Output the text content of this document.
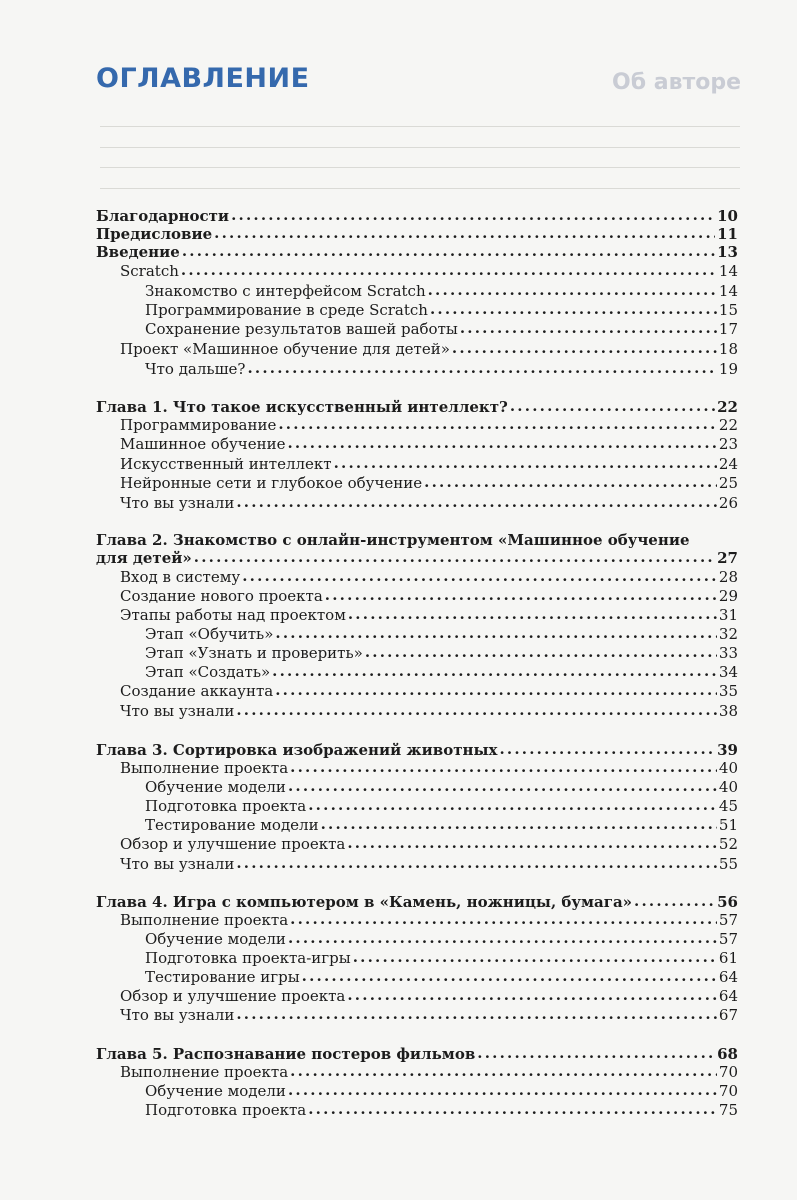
Об авторе
ОГЛАВЛЕНИЕ
Благодарности . . .	10
Предисловие . . .	11
Введение . . .	13
Scratch . . .	14
Знакомство с интерфейсом Scratch . . .	14
Программирование в среде Scratch . . .	15
Сохранение результатов вашей работы . . .	17
Проект «Машинное обучение для детей» . . .	18
Что дальше? . . .	19
Глава 1. Что такое искусственный интеллект? . . .	22
Программирование . . .	22
Машинное обучение . . .	23
Искусственный интеллект . . .	24
Нейронные сети и глубокое обучение . . .	25
Что вы узнали . . .	26
Глава 2. Знакомство с онлайн-инструментом «Машинное обучение
для детей» . . .	27
Вход в систему . . .	28
Создание нового проекта . . .	29
Этапы работы над проектом . . .	31
Этап «Обучить» . . .	32
Этап «Узнать и проверить» . . .	33
Этап «Создать» . . .	34
Создание аккаунта . . .	35
Что вы узнали . . .	38
Глава 3. Сортировка изображений животных . . .	39
Выполнение проекта . . .	40
Обучение модели . . .	40
Подготовка проекта . . .	45
Тестирование модели . . .	51
Обзор и улучшение проекта . . .	52
Что вы узнали . . .	55
Глава 4. Игра с компьютером в «Камень, ножницы, бумага» . . .	56
Выполнение проекта . . .	57
Обучение модели . . .	57
Подготовка проекта-игры . . .	61
Тестирование игры . . .	64
Обзор и улучшение проекта . . .	64
Что вы узнали . . .	67
Глава 5. Распознавание постеров фильмов . . .	68
Выполнение проекта . . .	70
Обучение модели . . .	70
Подготовка проекта . . .	75
